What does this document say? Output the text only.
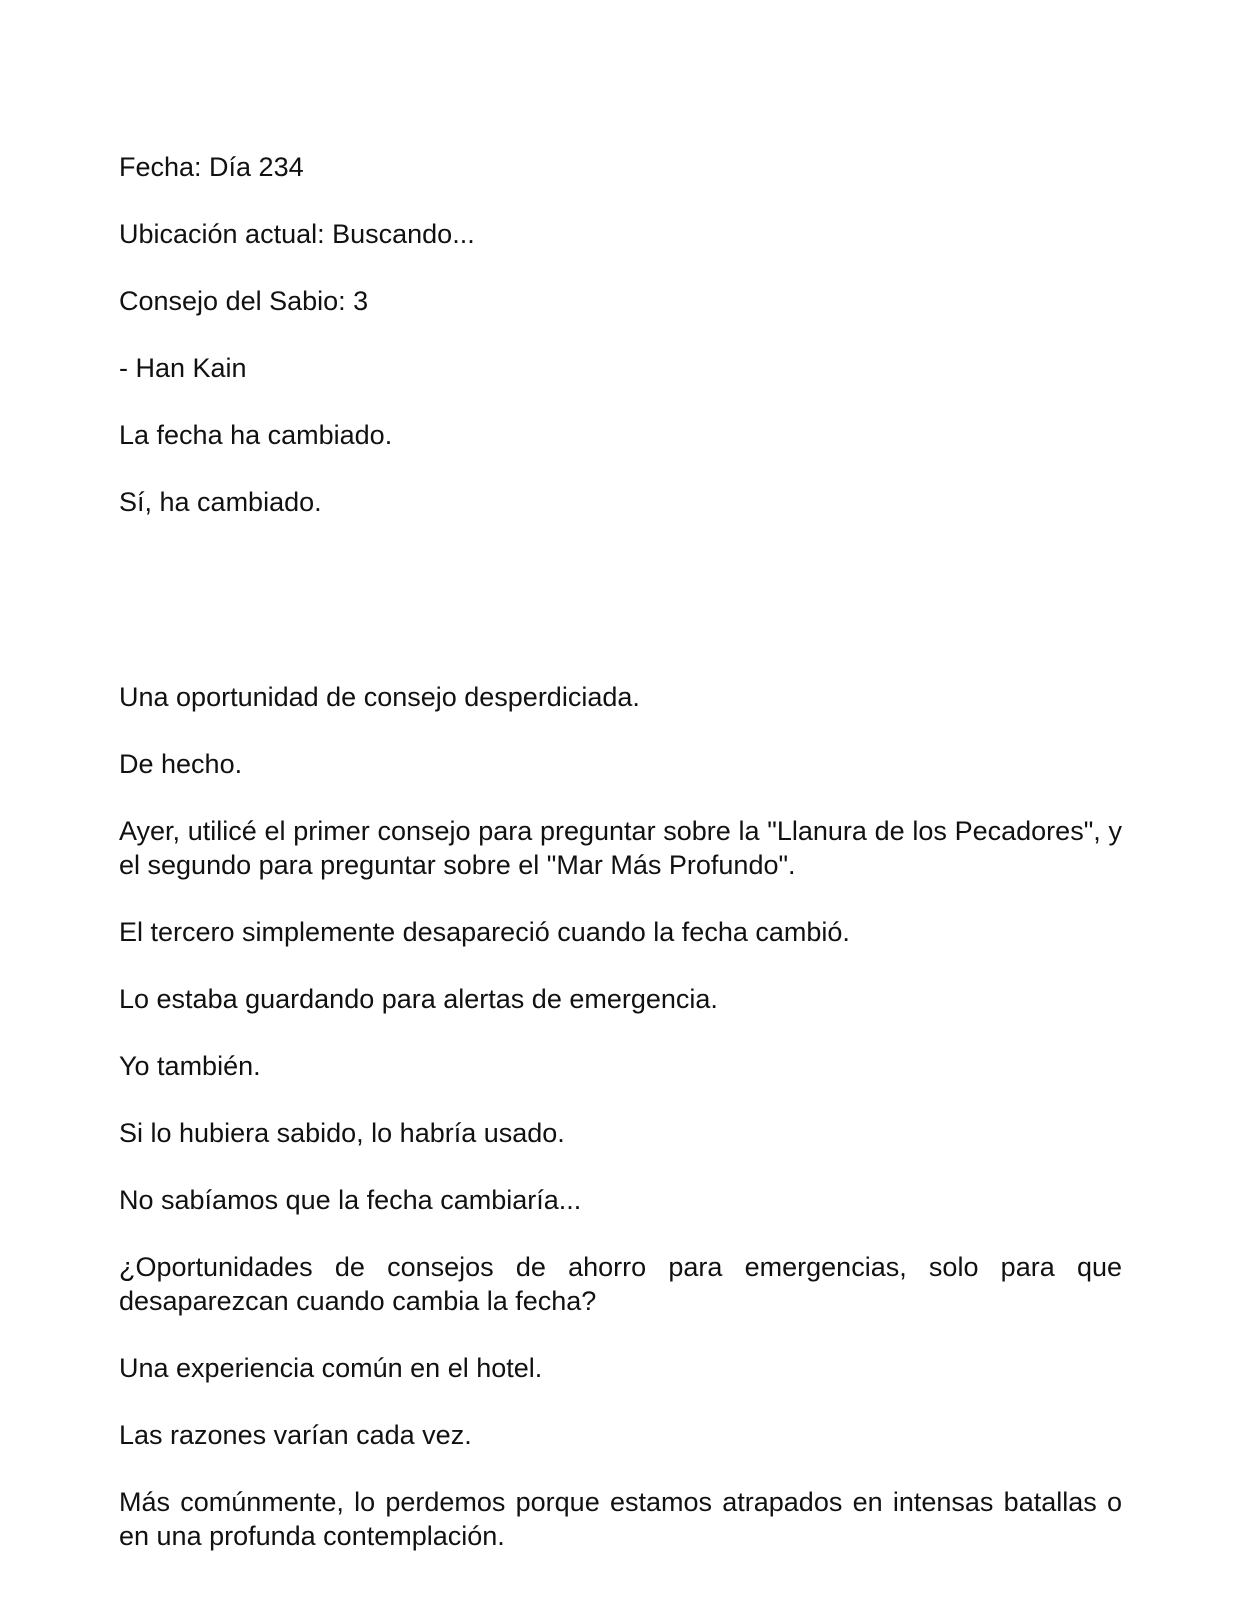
Fecha: Día 234

Ubicación actual: Buscando...

Consejo del Sabio: 3

- Han Kain

La fecha ha cambiado.

Sí, ha cambiado.

Una oportunidad de consejo desperdiciada.

De hecho.

Ayer, utilicé el primer consejo para preguntar sobre la "Llanura de los Pecadores", y el segundo para preguntar sobre el "Mar Más Profundo".

El tercero simplemente desapareció cuando la fecha cambió.

Lo estaba guardando para alertas de emergencia.

Yo también.

Si lo hubiera sabido, lo habría usado.

No sabíamos que la fecha cambiaría...

¿Oportunidades de consejos de ahorro para emergencias, solo para que desaparezcan cuando cambia la fecha?

Una experiencia común en el hotel.

Las razones varían cada vez.

Más comúnmente, lo perdemos porque estamos atrapados en intensas batallas o en una profunda contemplación.
